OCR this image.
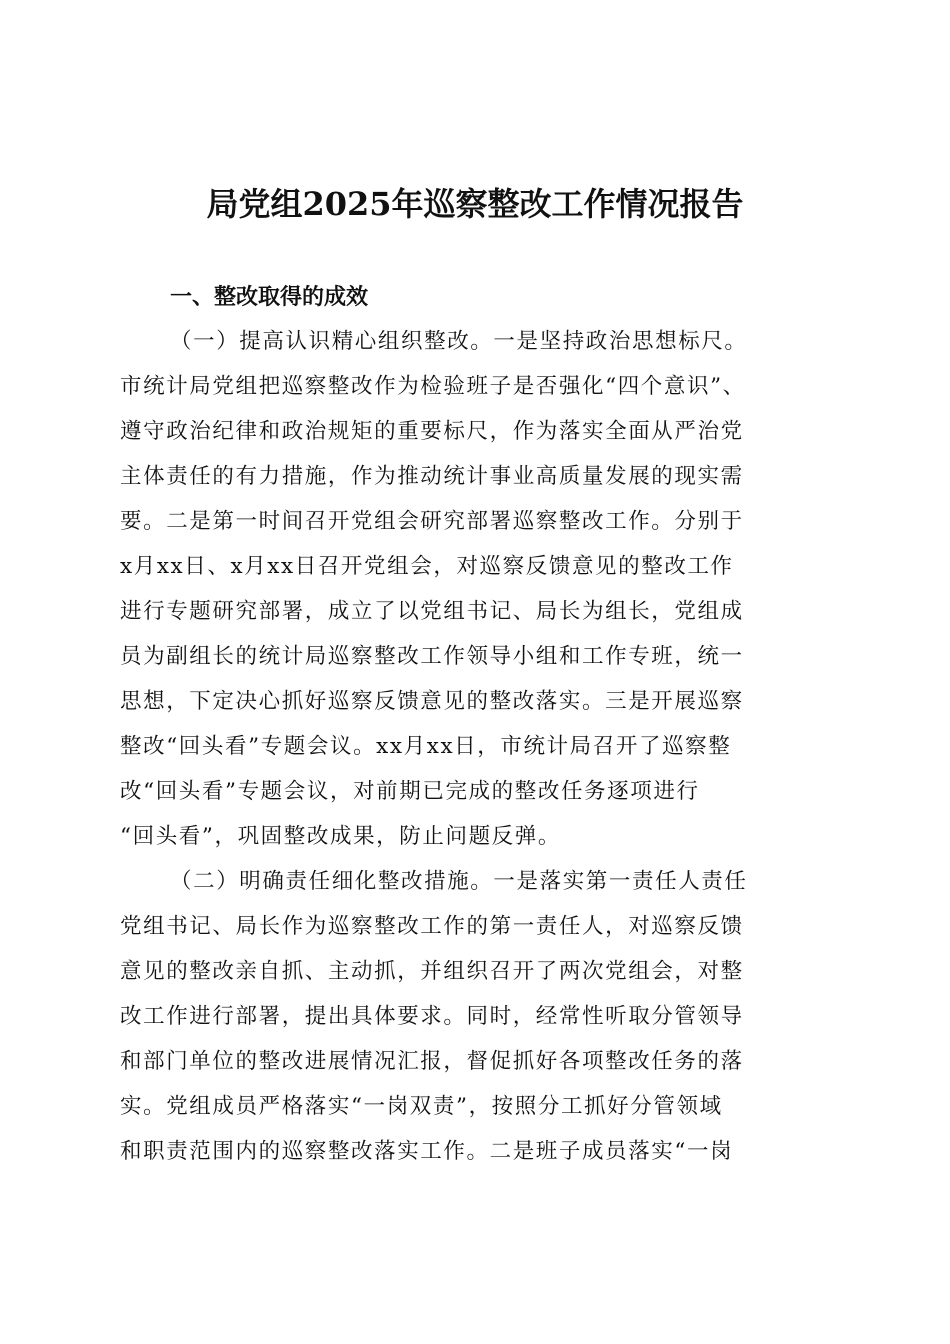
局党组2025年巡察整改工作情况报告
一、整改取得的成效
（一）提高认识精心组织整改。一是坚持政治思想标尺。
市统计局党组把巡察整改作为检验班子是否强化“四个意识”、
遵守政治纪律和政治规矩的重要标尺，作为落实全面从严治党
主体责任的有力措施，作为推动统计事业高质量发展的现实需
要。二是第一时间召开党组会研究部署巡察整改工作。分别于
x月xx日、x月xx日召开党组会，对巡察反馈意见的整改工作
进行专题研究部署，成立了以党组书记、局长为组长，党组成
员为副组长的统计局巡察整改工作领导小组和工作专班，统一
思想，下定决心抓好巡察反馈意见的整改落实。三是开展巡察
整改“回头看”专题会议。xx月xx日，市统计局召开了巡察整
改“回头看”专题会议，对前期已完成的整改任务逐项进行
“回头看”，巩固整改成果，防止问题反弹。
（二）明确责任细化整改措施。一是落实第一责任人责任
党组书记、局长作为巡察整改工作的第一责任人，对巡察反馈
意见的整改亲自抓、主动抓，并组织召开了两次党组会，对整
改工作进行部署，提出具体要求。同时，经常性听取分管领导
和部门单位的整改进展情况汇报，督促抓好各项整改任务的落
实。党组成员严格落实“一岗双责”，按照分工抓好分管领域
和职责范围内的巡察整改落实工作。二是班子成员落实“一岗
